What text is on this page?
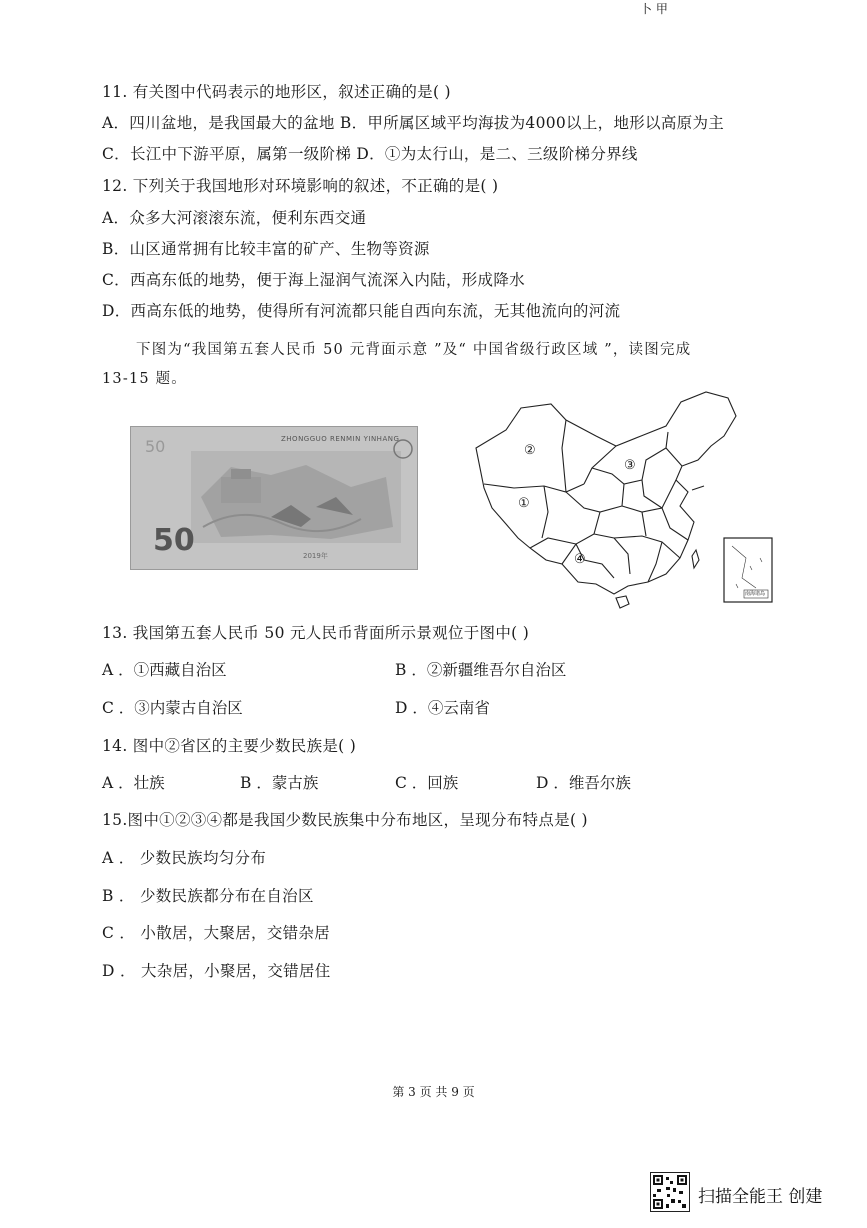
卜 甲
11. 有关图中代码表示的地形区，叙述正确的是( )
A．四川盆地，是我国最大的盆地 B．甲所属区域平均海拔为4000以上，地形以高原为主
C．长江中下游平原，属第一级阶梯 D．①为太行山，是二、三级阶梯分界线
12. 下列关于我国地形对环境影响的叙述，不正确的是( )
A．众多大河滚滚东流，便利东西交通
B．山区通常拥有比较丰富的矿产、生物等资源
C．西高东低的地势，便于海上湿润气流深入内陆，形成降水
D．西高东低的地势，使得所有河流都只能自西向东流，无其他流向的河流
下图为“我国第五套人民币 50 元背面示意 ”及“ 中国省级行政区域 ”，读图完成
13-15 题。
50	ZHONGGUO RENMIN YINHANG
50	2019年
②
①
③
④
南海诸岛
13. 我国第五套人民币 50 元人民币背面所示景观位于图中( )
A ．①西藏自治区	B ．②新疆维吾尔自治区
C ．③内蒙古自治区	D ．④云南省
14. 图中②省区的主要少数民族是( )
A ．壮族	B ．蒙古族	C ．回族	D ．维吾尔族
15.图中①②③④都是我国少数民族集中分布地区，呈现分布特点是( )
A ． 少数民族均匀分布
B ． 少数民族都分布在自治区
C ． 小散居，大聚居，交错杂居
D ． 大杂居，小聚居，交错居住
第 3 页 共 9 页
扫描全能王 创建
